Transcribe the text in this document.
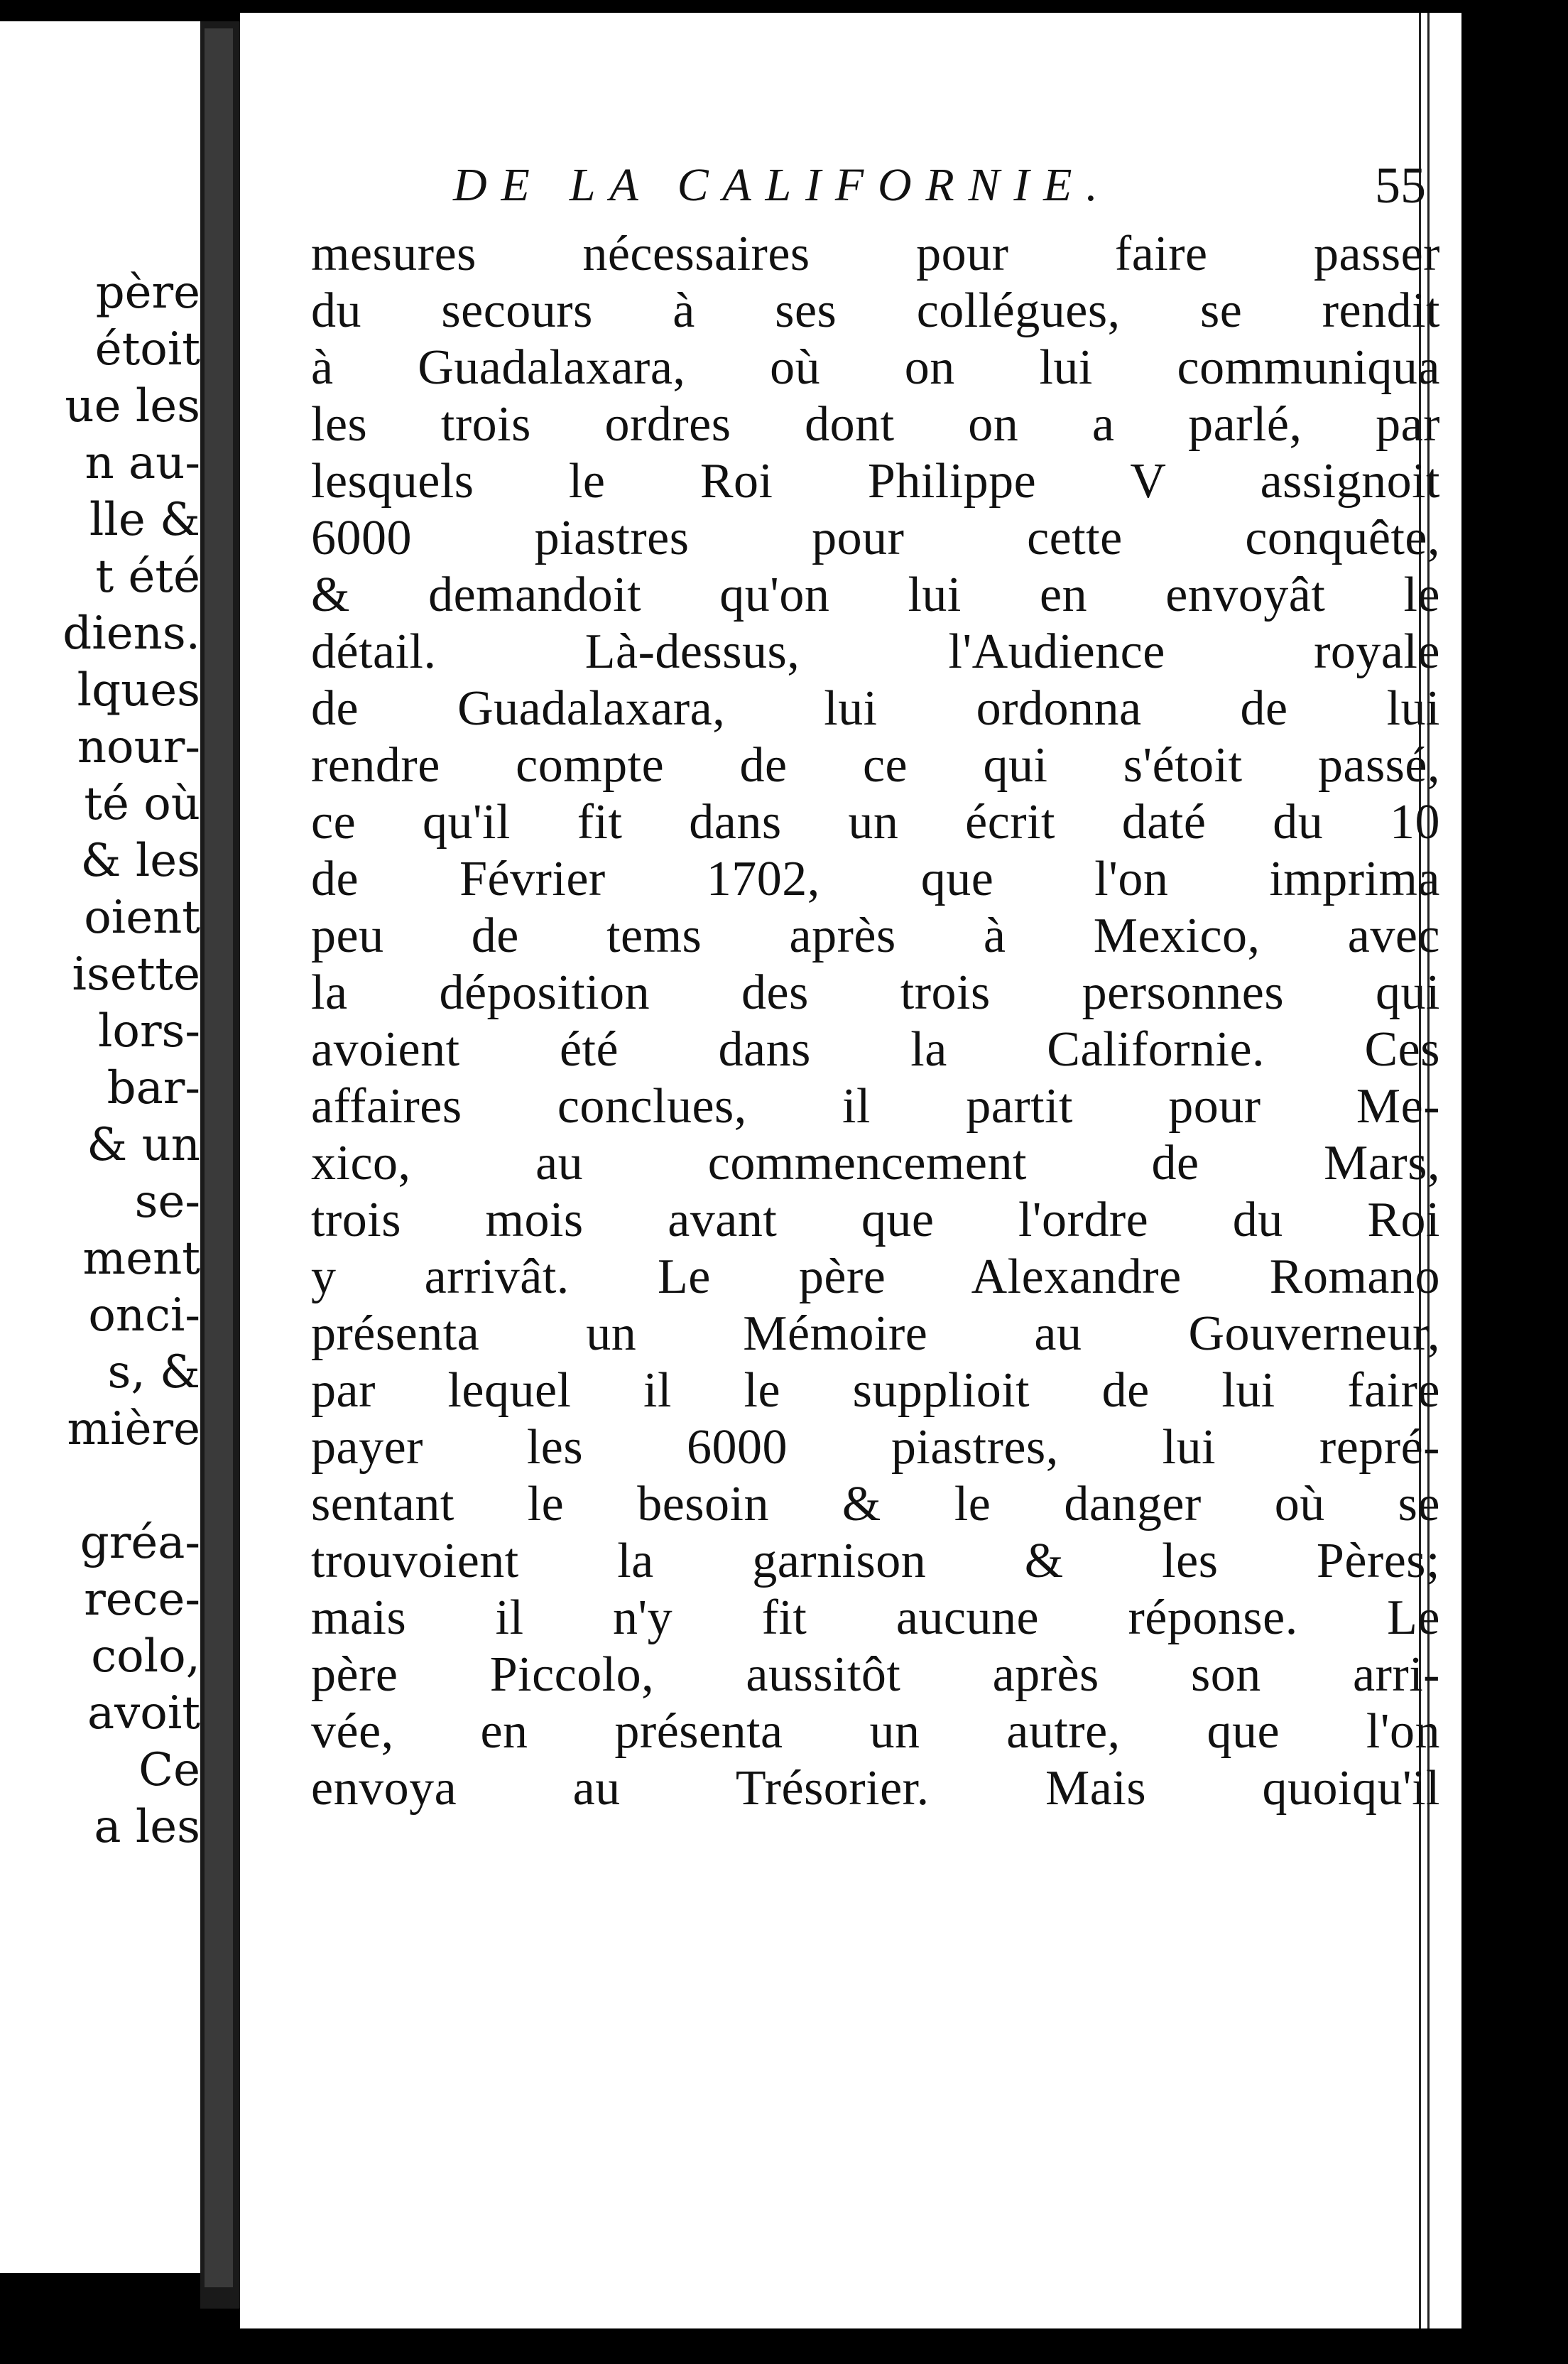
père
étoit
ue les
n au-
lle &
t été
diens.
lques
nour-
té où
& les
oient
isette
lors-
bar-
& un
se-
ment
onci-
s, &
mière
gréa-
rece-
colo,
avoit
Ce
a les
DE LA CALIFORNIE.	55
mesures nécessaires pour faire passer
du secours à ses collégues, se rendit
à Guadalaxara, où on lui communiqua
les trois ordres dont on a parlé, par
lesquels le Roi Philippe V assignoit
6000 piastres pour cette conquête,
& demandoit qu'on lui en envoyât le
détail. Là-dessus, l'Audience royale
de Guadalaxara, lui ordonna de lui
rendre compte de ce qui s'étoit passé,
ce qu'il fit dans un écrit daté du 10
de Février 1702, que l'on imprima
peu de tems après à Mexico, avec
la déposition des trois personnes qui
avoient été dans la Californie. Ces
affaires conclues, il partit pour Me-
xico, au commencement de Mars,
trois mois avant que l'ordre du Roi
y arrivât. Le père Alexandre Romano
présenta un Mémoire au Gouverneur,
par lequel il le supplioit de lui faire
payer les 6000 piastres, lui repré-
sentant le besoin & le danger où se
trouvoient la garnison & les Pères;
mais il n'y fit aucune réponse. Le
père Piccolo, aussitôt après son arri-
vée, en présenta un autre, que l'on
envoya au Trésorier. Mais quoiqu'il
